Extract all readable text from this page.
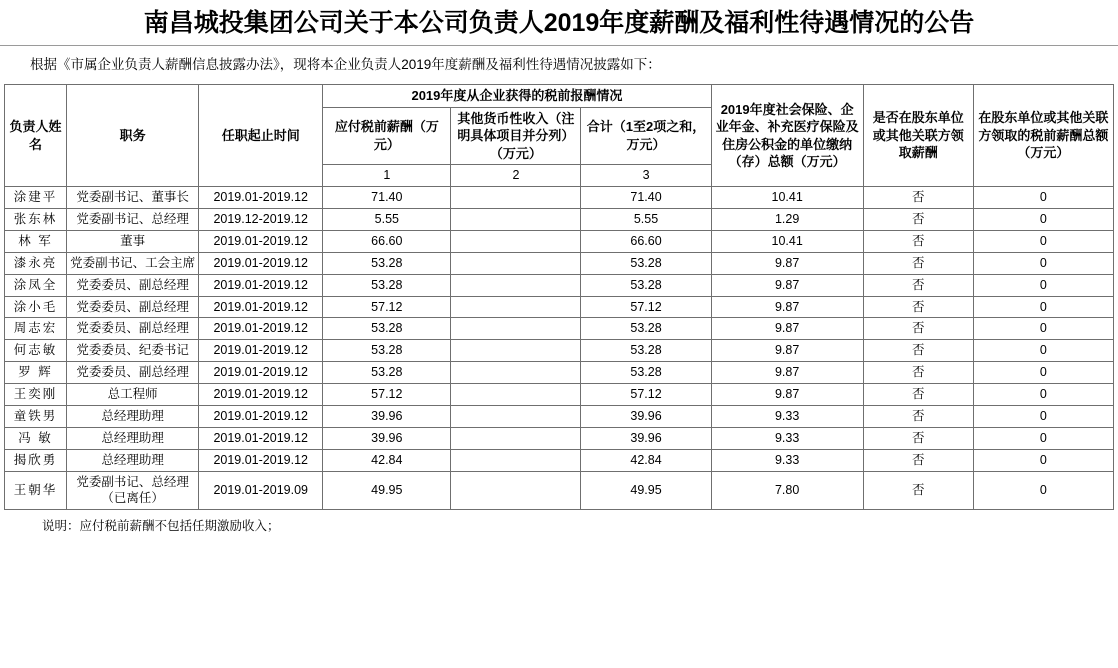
南昌城投集团公司关于本公司负责人2019年度薪酬及福利性待遇情况的公告
根据《市属企业负责人薪酬信息披露办法》，现将本企业负责人2019年度薪酬及福利性待遇情况披露如下：
负责人姓名	职务	任职起止时间	2019年度从企业获得的税前报酬情况			2019年度社会保险、企业年金、补充医疗保险及住房公积金的单位缴纳（存）总额（万元）	是否在股东单位或其他关联方领取薪酬	在股东单位或其他关联方领取的税前薪酬总额（万元）
			应付税前薪酬（万元）	其他货币性收入（注明具体项目并分列）（万元）	合计（1至2项之和，万元）			
			1	2	3			
涂建平	党委副书记、董事长	2019.01-2019.12	71.40		71.40	10.41	否	0
张东林	党委副书记、总经理	2019.12-2019.12	5.55		5.55	1.29	否	0
林 军	董事	2019.01-2019.12	66.60		66.60	10.41	否	0
漆永亮	党委副书记、工会主席	2019.01-2019.12	53.28		53.28	9.87	否	0
涂凤全	党委委员、副总经理	2019.01-2019.12	53.28		53.28	9.87	否	0
涂小毛	党委委员、副总经理	2019.01-2019.12	57.12		57.12	9.87	否	0
周志宏	党委委员、副总经理	2019.01-2019.12	53.28		53.28	9.87	否	0
何志敏	党委委员、纪委书记	2019.01-2019.12	53.28		53.28	9.87	否	0
罗 辉	党委委员、副总经理	2019.01-2019.12	53.28		53.28	9.87	否	0
王奕刚	总工程师	2019.01-2019.12	57.12		57.12	9.87	否	0
童铁男	总经理助理	2019.01-2019.12	39.96		39.96	9.33	否	0
冯 敏	总经理助理	2019.01-2019.12	39.96		39.96	9.33	否	0
揭欣勇	总经理助理	2019.01-2019.12	42.84		42.84	9.33	否	0
王朝华	党委副书记、总经理（已离任）	2019.01-2019.09	49.95		49.95	7.80	否	0
说明：应付税前薪酬不包括任期激励收入；
